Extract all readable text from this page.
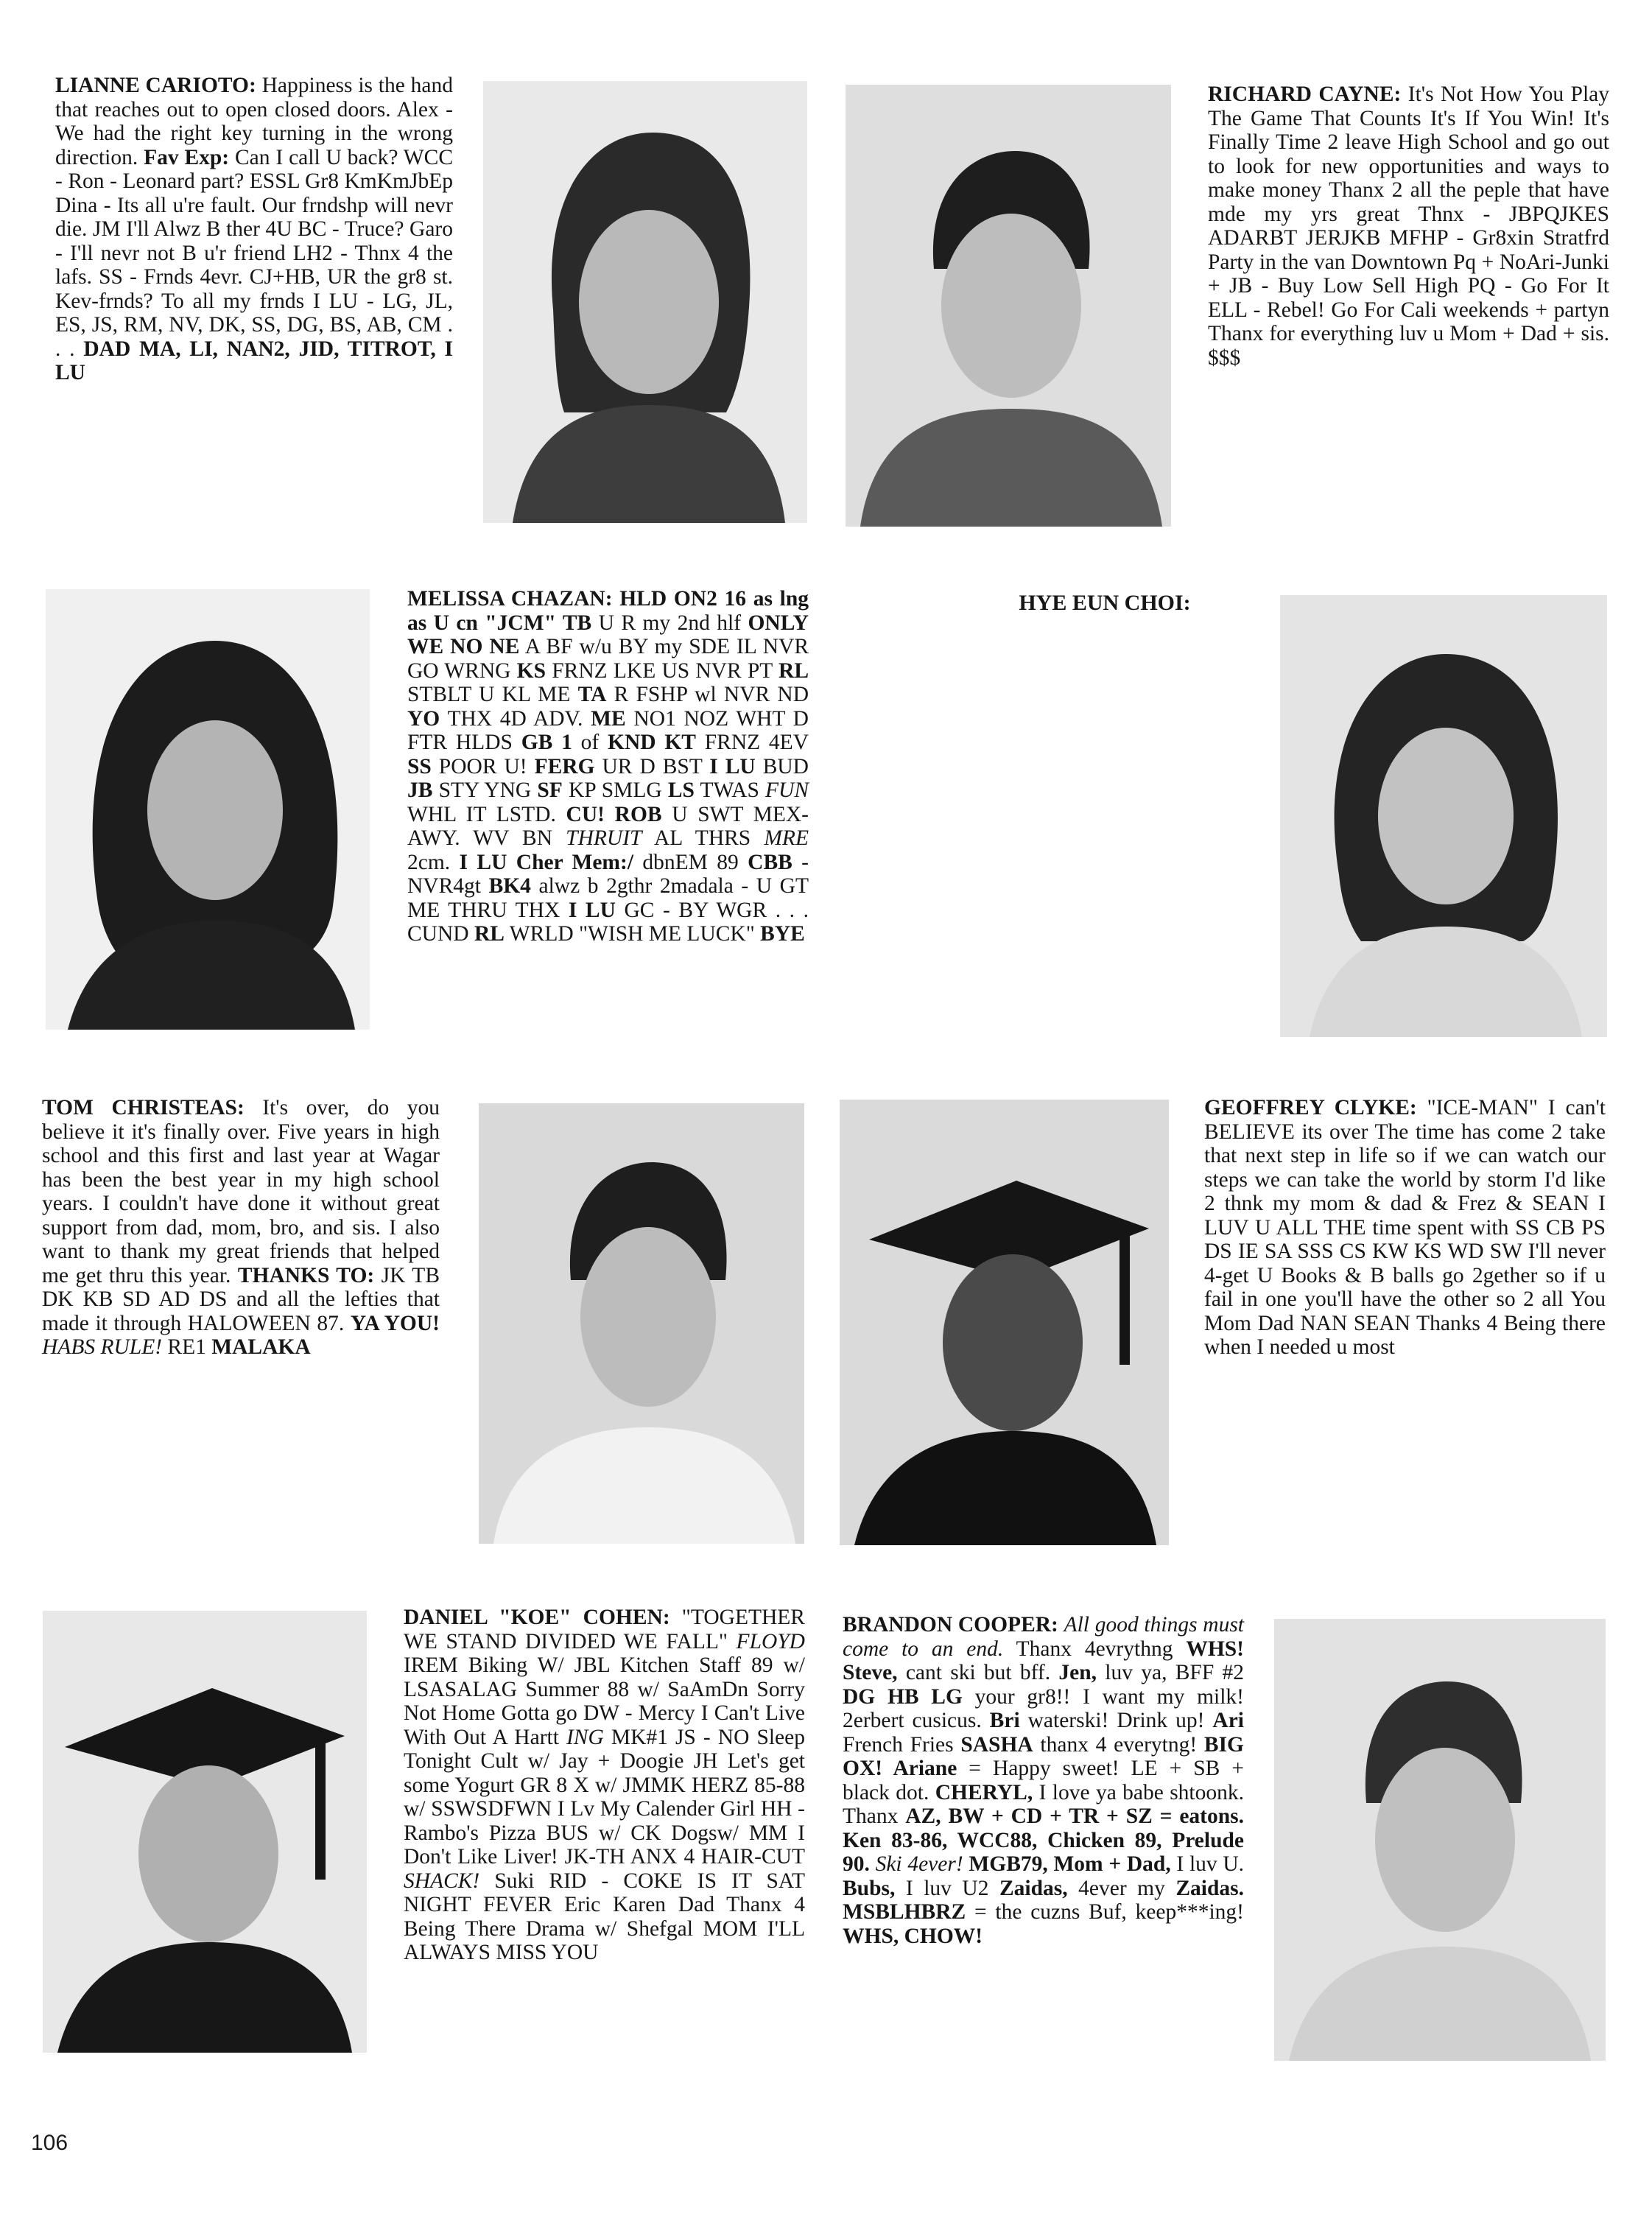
LIANNE CARIOTO: Happiness is the hand that reaches out to open closed doors. Alex - We had the right key turning in the wrong direction. Fav Exp: Can I call U back? WCC - Ron - Leonard part? ESSL Gr8 KmKmJbEp Dina - Its all u're fault. Our frndshp will nevr die. JM I'll Alwz B ther 4U BC - Truce? Garo - I'll nevr not B u'r friend LH2 - Thnx 4 the lafs. SS - Frnds 4evr. CJ+HB, UR the gr8 st. Kev-frnds? To all my frnds I LU - LG, JL, ES, JS, RM, NV, DK, SS, DG, BS, AB, CM . . . DAD MA, LI, NAN2, JID, TITROT, I LU

RICHARD CAYNE: It's Not How You Play The Game That Counts It's If You Win! It's Finally Time 2 leave High School and go out to look for new opportunities and ways to make money Thanx 2 all the peple that have mde my yrs great Thnx - JBPQJKES ADARBT JERJKB MFHP - Gr8xin Stratfrd Party in the van Downtown Pq + NoAri-Junki + JB - Buy Low Sell High PQ - Go For It ELL - Rebel! Go For Cali weekends + partyn Thanx for everything luv u Mom + Dad + sis. $$$

MELISSA CHAZAN: HLD ON2 16 as lng as U cn "JCM" TB U R my 2nd hlf ONLY WE NO NE A BF w/u BY my SDE IL NVR GO WRNG KS FRNZ LKE US NVR PT RL STBLT U KL ME TA R FSHP wl NVR ND YO THX 4D ADV. ME NO1 NOZ WHT D FTR HLDS GB 1 of KND KT FRNZ 4EV SS POOR U! FERG UR D BST I LU BUD JB STY YNG SF KP SMLG LS TWAS FUN WHL IT LSTD. CU! ROB U SWT MEX-AWY. WV BN THRUIT AL THRS MRE 2cm. I LU Cher Mem:/ dbnEM 89 CBB - NVR4gt BK4 alwz b 2gthr 2madala - U GT ME THRU THX I LU GC - BY WGR . . . CUND RL WRLD "WISH ME LUCK" BYE

HYE EUN CHOI:

TOM CHRISTEAS: It's over, do you believe it it's finally over. Five years in high school and this first and last year at Wagar has been the best year in my high school years. I couldn't have done it without great support from dad, mom, bro, and sis. I also want to thank my great friends that helped me get thru this year. THANKS TO: JK TB DK KB SD AD DS and all the lefties that made it through HALOWEEN 87. YA YOU! HABS RULE! RE1 MALAKA

GEOFFREY CLYKE: "ICE-MAN" I can't BELIEVE its over The time has come 2 take that next step in life so if we can watch our steps we can take the world by storm I'd like 2 thnk my mom & dad & Frez & SEAN I LUV U ALL THE time spent with SS CB PS DS IE SA SSS CS KW KS WD SW I'll never 4-get U Books & B balls go 2gether so if u fail in one you'll have the other so 2 all You Mom Dad NAN SEAN Thanks 4 Being there when I needed u most

DANIEL "KOE" COHEN: "TOGETHER WE STAND DIVIDED WE FALL" FLOYD IREM Biking W/ JBL Kitchen Staff 89 w/ LSASALAG Summer 88 w/ SaAmDn Sorry Not Home Gotta go DW - Mercy I Can't Live With Out A Hartt ING MK#1 JS - NO Sleep Tonight Cult w/ Jay + Doogie JH Let's get some Yogurt GR 8 X w/ JMMK HERZ 85-88 w/ SSWSDFWN I Lv My Calender Girl HH - Rambo's Pizza BUS w/ CK Dogsw/ MM I Don't Like Liver! JK-TH ANX 4 HAIR-CUT SHACK! Suki RID - COKE IS IT SAT NIGHT FEVER Eric Karen Dad Thanx 4 Being There Drama w/ Shefgal MOM I'LL ALWAYS MISS YOU

BRANDON COOPER: All good things must come to an end. Thanx 4evrythng WHS! Steve, cant ski but bff. Jen, luv ya, BFF #2 DG HB LG your gr8!! I want my milk! 2erbert cusicus. Bri waterski! Drink up! Ari French Fries SASHA thanx 4 everytng! BIG OX! Ariane = Happy sweet! LE + SB + black dot. CHERYL, I love ya babe shtoonk. Thanx AZ, BW + CD + TR + SZ = eatons. Ken 83-86, WCC88, Chicken 89, Prelude 90. Ski 4ever! MGB79, Mom + Dad, I luv U. Bubs, I luv U2 Zaidas, 4ever my Zaidas. MSBLHBRZ = the cuzns Buf, keep***ing! WHS, CHOW!

106
